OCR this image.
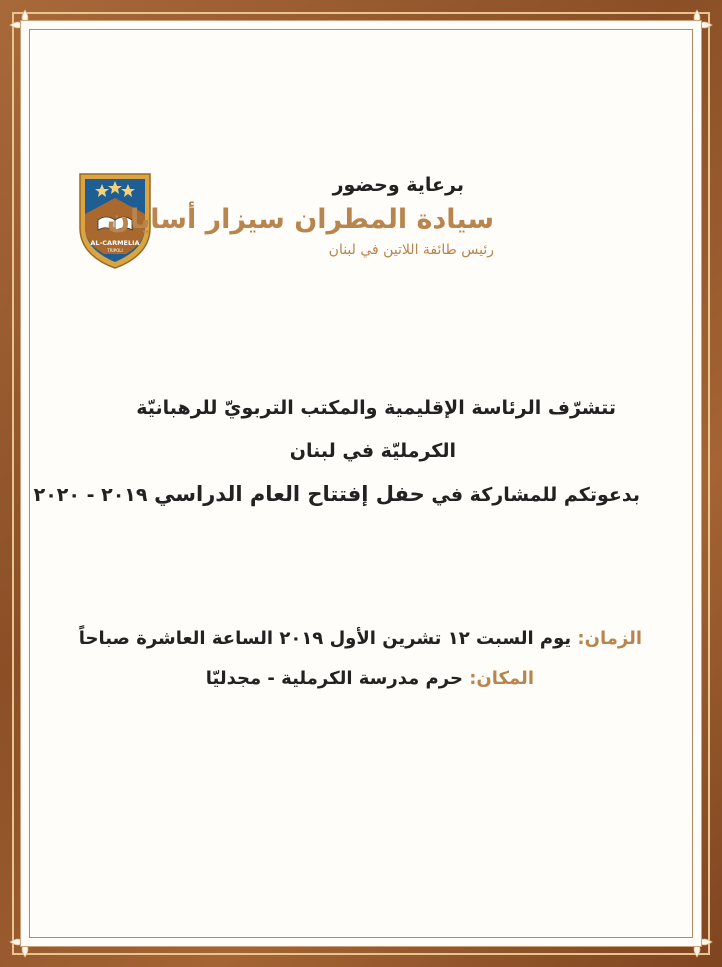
AL-CARMELIA
TRIPOLI
برعاية وحضور
سيادة المطران سيزار أسايان
رئيس طائفة اللاتين في لبنان
تتشرّف الرئاسة الإقليمية والمكتب التربويّ للرهبانيّة
الكرمليّة في لبنان
بدعوتكم للمشاركة في حفل إفتتاح العام الدراسي ٢٠١٩ - ٢٠٢٠
الزمان: يوم السبت ١٢ تشرين الأول ٢٠١٩ الساعة العاشرة صباحاً
المكان: حرم مدرسة الكرملية - مجدليّا
